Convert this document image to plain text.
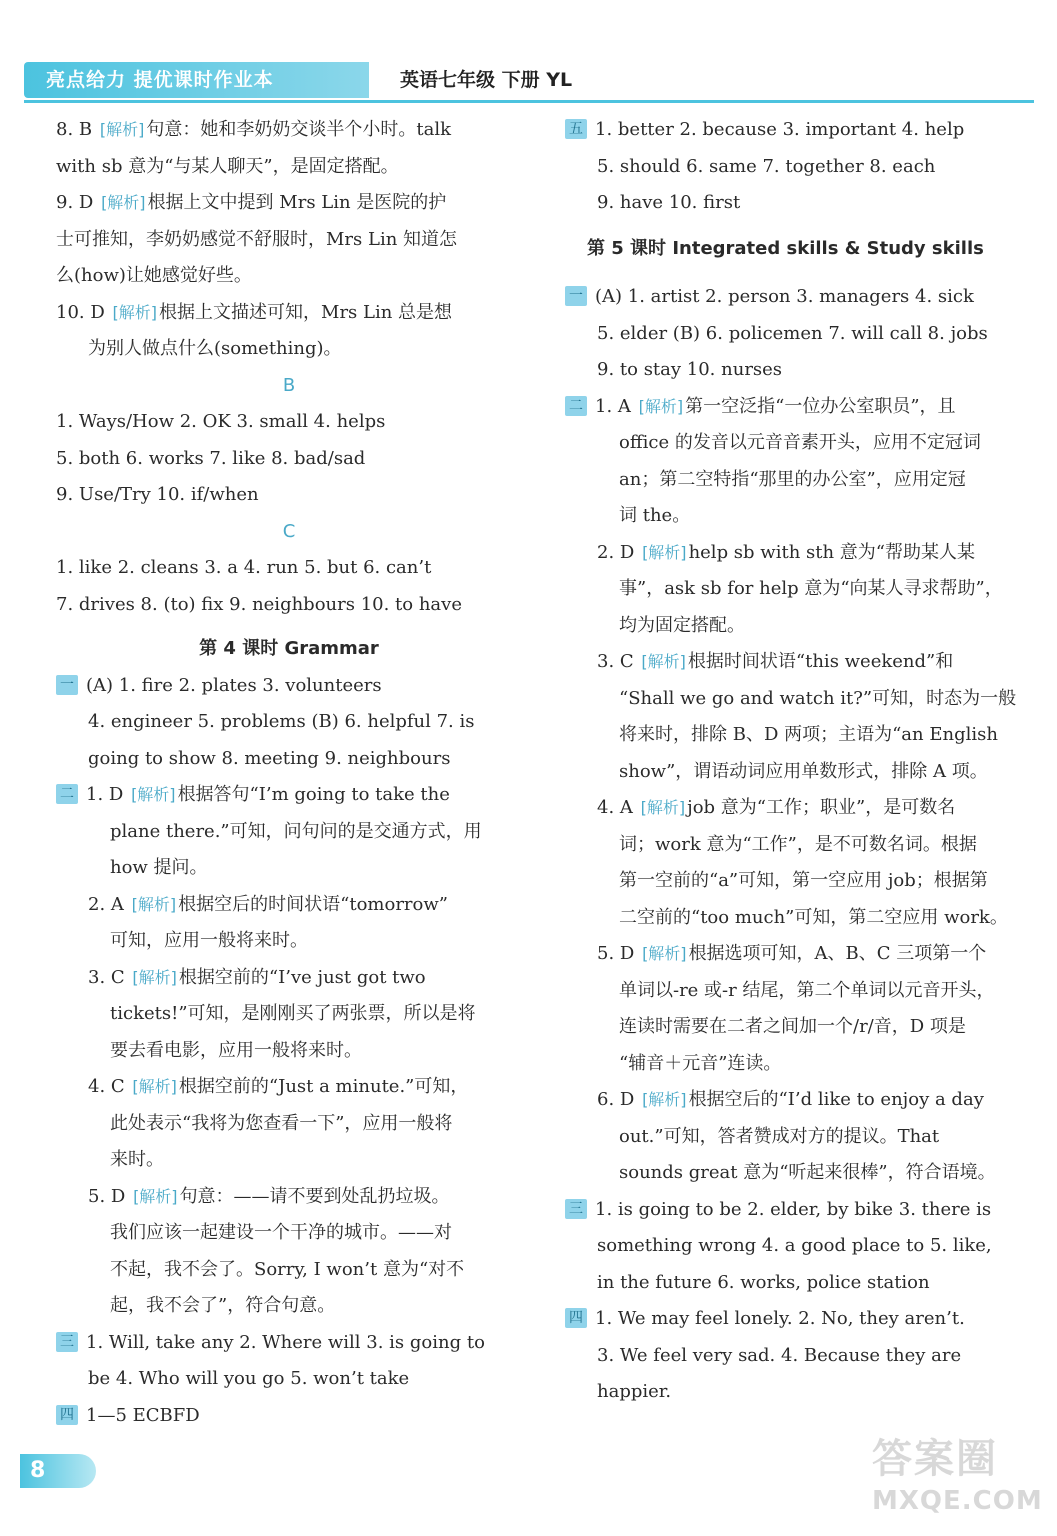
亮点给力 提优课时作业本	英语七年级 下册 YL
8. B [解析] 句意：她和李奶奶交谈半个小时。talk
with sb 意为“与某人聊天”，是固定搭配。
9. D [解析] 根据上文中提到 Mrs Lin 是医院的护
士可推知，李奶奶感觉不舒服时，Mrs Lin 知道怎
么(how)让她感觉好些。
10. D [解析] 根据上文描述可知，Mrs Lin 总是想
为别人做点什么(something)。
B
1. Ways/How 2. OK 3. small 4. helps
5. both 6. works 7. like 8. bad/sad
9. Use/Try 10. if/when
C
1. like 2. cleans 3. a 4. run 5. but 6. can’t
7. drives 8. (to) fix 9. neighbours 10. to have
第 4 课时 Grammar
一 (A) 1. fire 2. plates 3. volunteers
4. engineer 5. problems (B) 6. helpful 7. is
going to show 8. meeting 9. neighbours
二 1. D [解析] 根据答句“I’m going to take the
plane there.”可知，问句问的是交通方式，用
how 提问。
2. A [解析] 根据空后的时间状语“tomorrow”
可知，应用一般将来时。
3. C [解析] 根据空前的“I’ve just got two
tickets!”可知，是刚刚买了两张票，所以是将
要去看电影，应用一般将来时。
4. C [解析] 根据空前的“Just a minute.”可知，
此处表示“我将为您查看一下”，应用一般将
来时。
5. D [解析] 句意：——请不要到处乱扔垃圾。
我们应该一起建设一个干净的城市。——对
不起，我不会了。Sorry, I won’t 意为“对不
起，我不会了”，符合句意。
三 1. Will, take any 2. Where will 3. is going to
be 4. Who will you go 5. won’t take
四 1—5 ECBFD
五 1. better 2. because 3. important 4. help
5. should 6. same 7. together 8. each
9. have 10. first
第 5 课时 Integrated skills & Study skills
一 (A) 1. artist 2. person 3. managers 4. sick
5. elder (B) 6. policemen 7. will call 8. jobs
9. to stay 10. nurses
二 1. A [解析] 第一空泛指“一位办公室职员”，且
office 的发音以元音音素开头，应用不定冠词
an；第二空特指“那里的办公室”，应用定冠
词 the。
2. D [解析] help sb with sth 意为“帮助某人某
事”，ask sb for help 意为“向某人寻求帮助”，
均为固定搭配。
3. C [解析] 根据时间状语“this weekend”和
“Shall we go and watch it?”可知，时态为一般
将来时，排除 B、D 两项；主语为“an English
show”，谓语动词应用单数形式，排除 A 项。
4. A [解析] job 意为“工作；职业”，是可数名
词；work 意为“工作”，是不可数名词。根据
第一空前的“a”可知，第一空应用 job；根据第
二空前的“too much”可知，第二空应用 work。
5. D [解析] 根据选项可知，A、B、C 三项第一个
单词以-re 或-r 结尾，第二个单词以元音开头，
连读时需要在二者之间加一个/r/音，D 项是
“辅音＋元音”连读。
6. D [解析] 根据空后的“I’d like to enjoy a day
out.”可知，答者赞成对方的提议。That
sounds great 意为“听起来很棒”，符合语境。
三 1. is going to be 2. elder, by bike 3. there is
something wrong 4. a good place to 5. like,
in the future 6. works, police station
四 1. We may feel lonely. 2. No, they aren’t.
3. We feel very sad. 4. Because they are
happier.
8	答案圈
MXQE.COM
